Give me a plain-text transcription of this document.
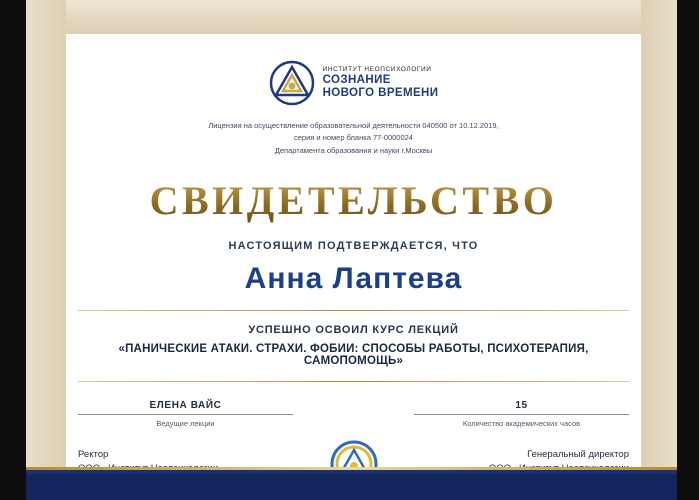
ИНСТИТУТ НЕОПСИХОЛОГИИ
СОЗНАНИЕ
НОВОГО ВРЕМЕНИ
Лицензия на осуществление образовательной деятельности 040500 от 10.12.2019,
серия и номер бланка 77-0000024
Департамента образования и науки г.Москвы
СВИДЕТЕЛЬСТВО
НАСТОЯЩИМ ПОДТВЕРЖДАЕТСЯ, ЧТО
Анна Лаптева
УСПЕШНО ОСВОИЛ КУРС ЛЕКЦИЙ
«ПАНИЧЕСКИЕ АТАКИ. СТРАХИ. ФОБИИ: СПОСОБЫ РАБОТЫ, ПСИХОТЕРАПИЯ, САМОПОМОЩЬ»
ЕЛЕНА ВАЙС
Ведущие лекции
15
Количество академических часов
Ректор	Генеральный директор
